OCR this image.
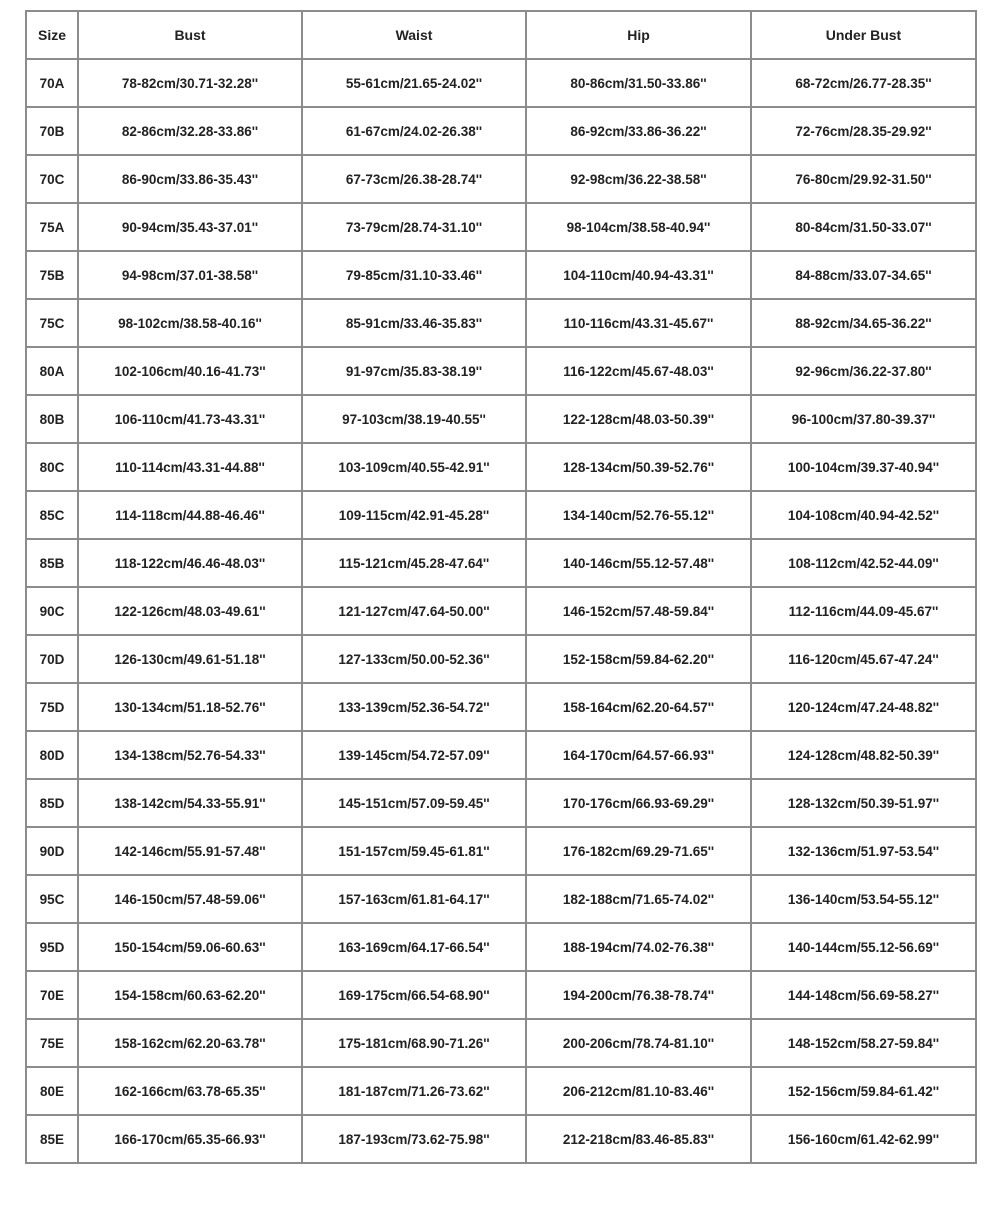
Size	Bust	Waist	Hip	Under Bust
70A	78-82cm/30.71-32.28''	55-61cm/21.65-24.02''	80-86cm/31.50-33.86''	68-72cm/26.77-28.35''
70B	82-86cm/32.28-33.86''	61-67cm/24.02-26.38''	86-92cm/33.86-36.22''	72-76cm/28.35-29.92''
70C	86-90cm/33.86-35.43''	67-73cm/26.38-28.74''	92-98cm/36.22-38.58''	76-80cm/29.92-31.50''
75A	90-94cm/35.43-37.01''	73-79cm/28.74-31.10''	98-104cm/38.58-40.94''	80-84cm/31.50-33.07''
75B	94-98cm/37.01-38.58''	79-85cm/31.10-33.46''	104-110cm/40.94-43.31''	84-88cm/33.07-34.65''
75C	98-102cm/38.58-40.16''	85-91cm/33.46-35.83''	110-116cm/43.31-45.67''	88-92cm/34.65-36.22''
80A	102-106cm/40.16-41.73''	91-97cm/35.83-38.19''	116-122cm/45.67-48.03''	92-96cm/36.22-37.80''
80B	106-110cm/41.73-43.31''	97-103cm/38.19-40.55''	122-128cm/48.03-50.39''	96-100cm/37.80-39.37''
80C	110-114cm/43.31-44.88''	103-109cm/40.55-42.91''	128-134cm/50.39-52.76''	100-104cm/39.37-40.94''
85C	114-118cm/44.88-46.46''	109-115cm/42.91-45.28''	134-140cm/52.76-55.12''	104-108cm/40.94-42.52''
85B	118-122cm/46.46-48.03''	115-121cm/45.28-47.64''	140-146cm/55.12-57.48''	108-112cm/42.52-44.09''
90C	122-126cm/48.03-49.61''	121-127cm/47.64-50.00''	146-152cm/57.48-59.84''	112-116cm/44.09-45.67''
70D	126-130cm/49.61-51.18''	127-133cm/50.00-52.36''	152-158cm/59.84-62.20''	116-120cm/45.67-47.24''
75D	130-134cm/51.18-52.76''	133-139cm/52.36-54.72''	158-164cm/62.20-64.57''	120-124cm/47.24-48.82''
80D	134-138cm/52.76-54.33''	139-145cm/54.72-57.09''	164-170cm/64.57-66.93''	124-128cm/48.82-50.39''
85D	138-142cm/54.33-55.91''	145-151cm/57.09-59.45''	170-176cm/66.93-69.29''	128-132cm/50.39-51.97''
90D	142-146cm/55.91-57.48''	151-157cm/59.45-61.81''	176-182cm/69.29-71.65''	132-136cm/51.97-53.54''
95C	146-150cm/57.48-59.06''	157-163cm/61.81-64.17''	182-188cm/71.65-74.02''	136-140cm/53.54-55.12''
95D	150-154cm/59.06-60.63''	163-169cm/64.17-66.54''	188-194cm/74.02-76.38''	140-144cm/55.12-56.69''
70E	154-158cm/60.63-62.20''	169-175cm/66.54-68.90''	194-200cm/76.38-78.74''	144-148cm/56.69-58.27''
75E	158-162cm/62.20-63.78''	175-181cm/68.90-71.26''	200-206cm/78.74-81.10''	148-152cm/58.27-59.84''
80E	162-166cm/63.78-65.35''	181-187cm/71.26-73.62''	206-212cm/81.10-83.46''	152-156cm/59.84-61.42''
85E	166-170cm/65.35-66.93''	187-193cm/73.62-75.98''	212-218cm/83.46-85.83''	156-160cm/61.42-62.99''
